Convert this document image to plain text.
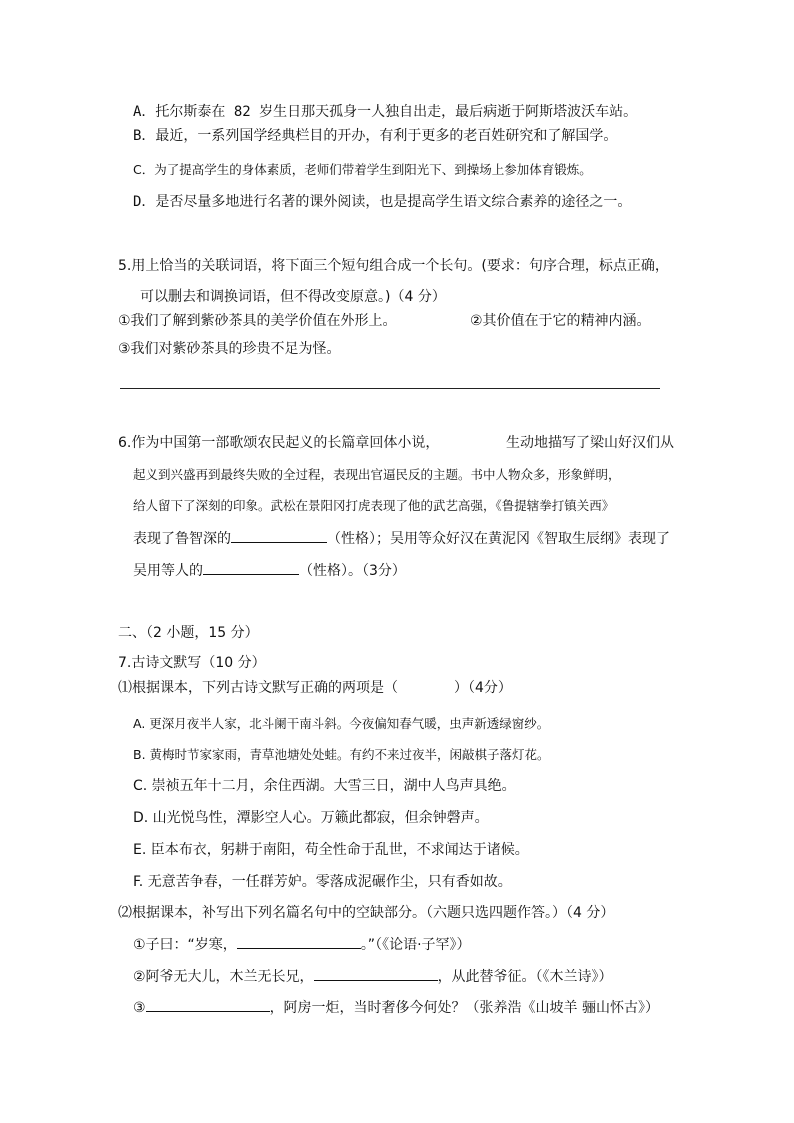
A．托尔斯泰在 82 岁生日那天孤身一人独自出走，最后病逝于阿斯塔波沃车站。
B．最近，一系列国学经典栏目的开办，有利于更多的老百姓研究和了解国学。
C．为了提高学生的身体素质，老师们带着学生到阳光下、到操场上参加体育锻炼。
D．是否尽量多地进行名著的课外阅读，也是提高学生语文综合素养的途径之一。
5.用上恰当的关联词语，将下面三个短句组合成一个长句。(要求：句序合理，标点正确，
可以删去和调换词语，但不得改变原意。)（4 分）
①我们了解到紫砂茶具的美学价值在外形上。	②其价值在于它的精神内涵。
③我们对紫砂茶具的珍贵不足为怪。
6.作为中国第一部歌颂农民起义的长篇章回体小说，	生动地描写了梁山好汉们从
起义到兴盛再到最终失败的全过程，表现出官逼民反的主题。书中人物众多，形象鲜明，
给人留下了深刻的印象。武松在景阳冈打虎表现了他的武艺高强，《鲁提辖拳打镇关西》
表现了鲁智深的	（性格）；吴用等众好汉在黄泥冈《智取生辰纲》表现了
吴用等人的	（性格）。（3分）
二、（2 小题，15 分）
7.古诗文默写（10 分）
⑴根据课本，下列古诗文默写正确的两项是（	）（4分）
A. 更深月夜半人家，北斗阑干南斗斜。今夜偏知春气暖，虫声新透绿窗纱。
B. 黄梅时节家家雨，青草池塘处处蛙。有约不来过夜半，闲敲棋子落灯花。
C. 崇祯五年十二月，余住西湖。大雪三日，湖中人鸟声具绝。
D. 山光悦鸟性，潭影空人心。万籁此都寂，但余钟磬声。
E. 臣本布衣，躬耕于南阳，苟全性命于乱世，不求闻达于诸候。
F. 无意苦争春，一任群芳妒。零落成泥碾作尘，只有香如故。
⑵根据课本，补写出下列名篇名句中的空缺部分。（六题只选四题作答。）（4 分）
①子曰：“岁寒，	。”（《论语·子罕》）
②阿爷无大儿，木兰无长兄，	，从此替爷征。（《木兰诗》）
③	，阿房一炬，当时奢侈今何处？（张养浩《山坡羊 骊山怀古》）
